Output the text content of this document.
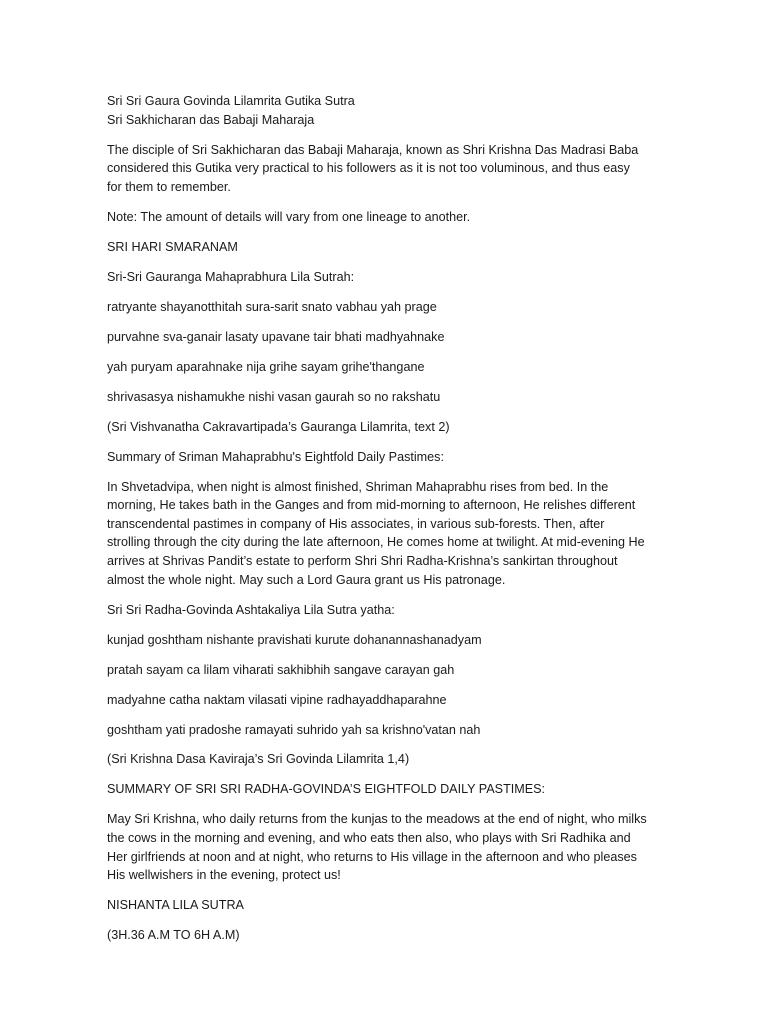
Sri Sri Gaura Govinda Lilamrita Gutika Sutra

Sri Sakhicharan das Babaji Maharaja

The disciple of Sri Sakhicharan das Babaji Maharaja, known as Shri Krishna Das Madrasi Baba considered this Gutika very practical to his followers as it is not too voluminous, and thus easy for them to remember.

Note: The amount of details will vary from one lineage to another.

SRI HARI SMARANAM

Sri-Sri Gauranga Mahaprabhura Lila Sutrah:

ratryante shayanotthitah sura-sarit snato vabhau yah prage

purvahne sva-ganair lasaty upavane tair bhati madhyahnake

yah puryam aparahnake nija grihe sayam grihe'thangane

shrivasasya nishamukhe nishi vasan gaurah so no rakshatu

(Sri Vishvanatha Cakravartipada’s Gauranga Lilamrita, text 2)

Summary of Sriman Mahaprabhu's Eightfold Daily Pastimes:

In Shvetadvipa, when night is almost finished, Shriman Mahaprabhu rises from bed. In the morning, He takes bath in the Ganges and from mid-morning to afternoon, He relishes different transcendental pastimes in company of His associates, in various sub-forests. Then, after strolling through the city during the late afternoon, He comes home at twilight. At mid-evening He arrives at Shrivas Pandit’s estate to perform Shri Shri Radha-Krishna’s sankirtan throughout almost the whole night. May such a Lord Gaura grant us His patronage.

Sri Sri Radha-Govinda Ashtakaliya Lila Sutra yatha:

kunjad goshtham nishante pravishati kurute dohanannashanadyam

pratah sayam ca lilam viharati sakhibhih sangave carayan gah

madyahne catha naktam vilasati vipine radhayaddhaparahne

goshtham yati pradoshe ramayati suhrido yah sa krishno'vatan nah

(Sri Krishna Dasa Kaviraja’s Sri Govinda Lilamrita 1,4)

SUMMARY OF SRI SRI RADHA-GOVINDA’S EIGHTFOLD DAILY PASTIMES:

May Sri Krishna, who daily returns from the kunjas to the meadows at the end of night, who milks the cows in the morning and evening, and who eats then also, who plays with Sri Radhika and Her girlfriends at noon and at night, who returns to His village in the afternoon and who pleases His wellwishers in the evening, protect us!

NISHANTA LILA SUTRA

(3H.36 A.M TO 6H A.M)
